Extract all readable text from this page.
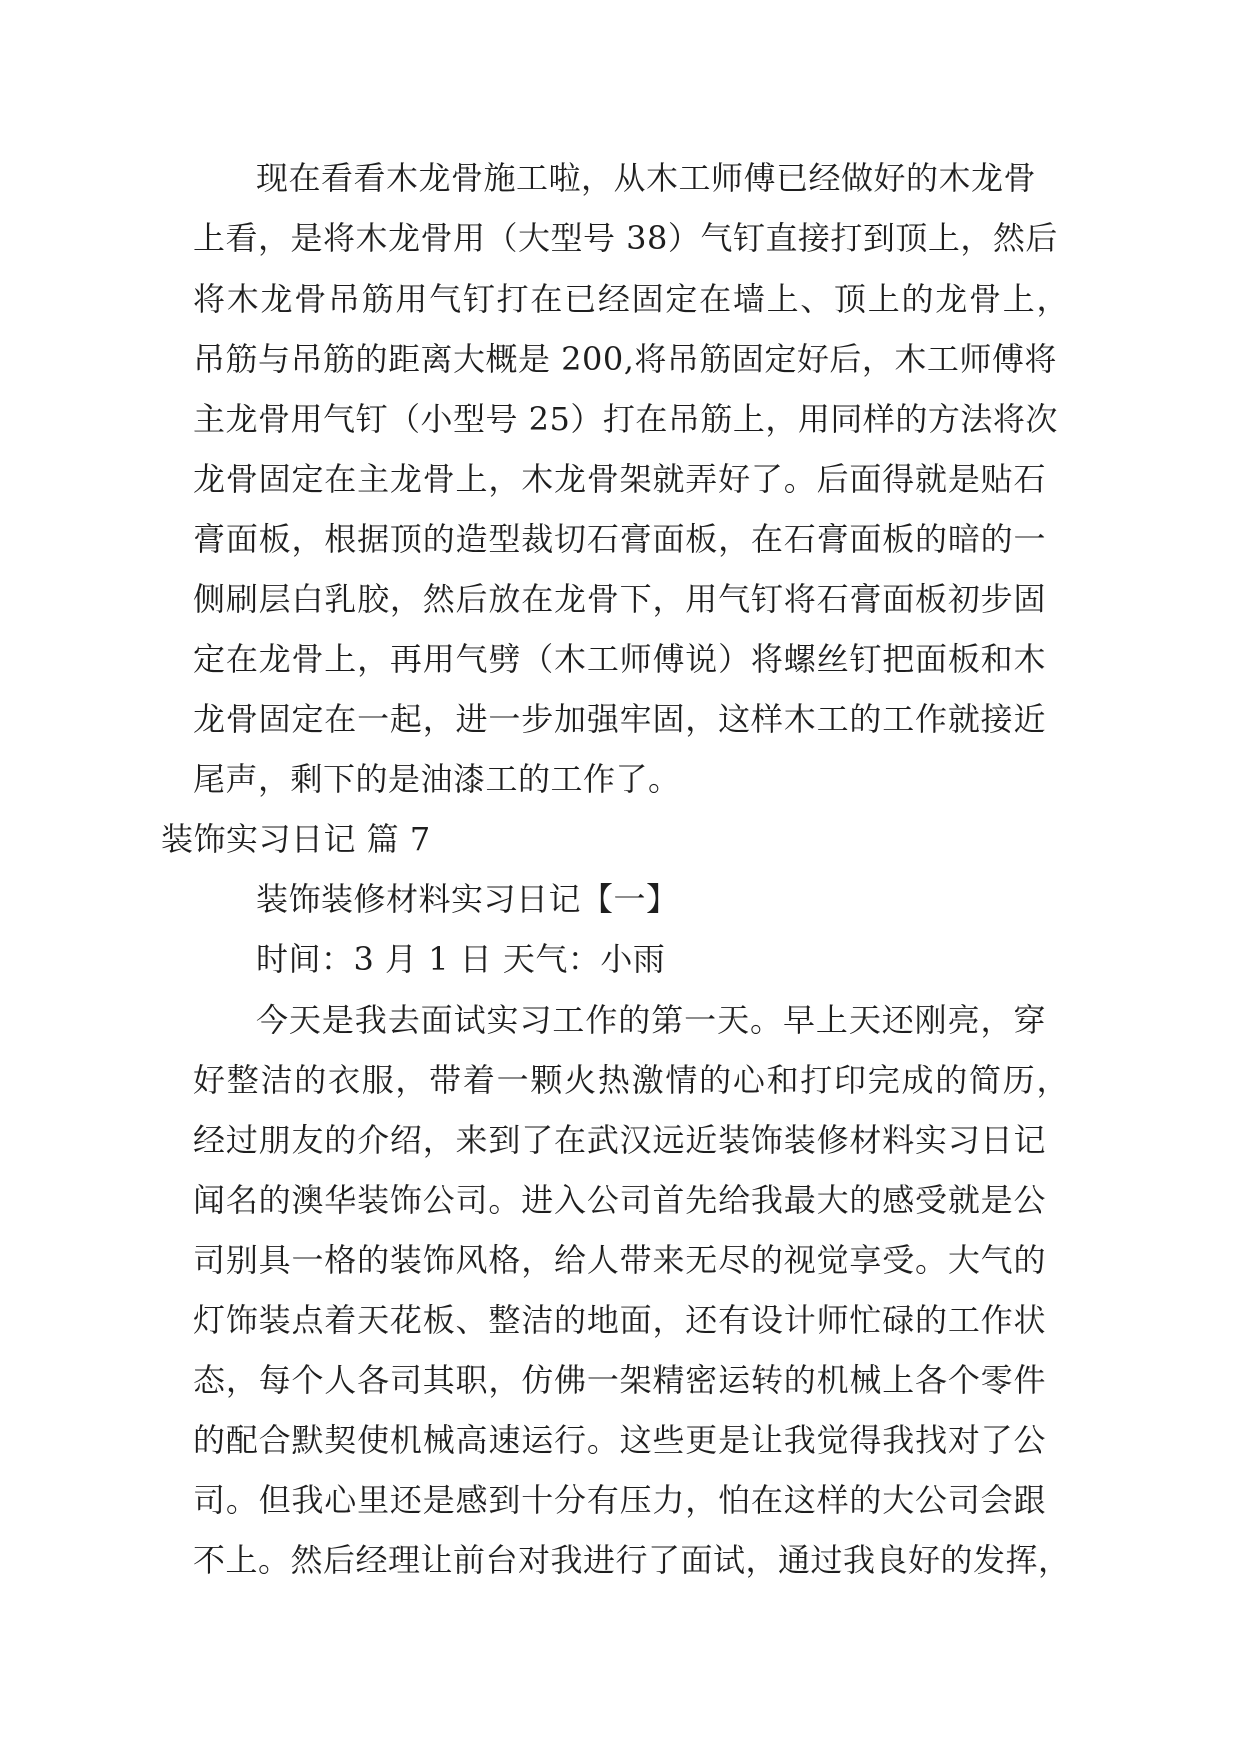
现在看看木龙骨施工啦，从木工师傅已经做好的木龙骨
上看，是将木龙骨用（大型号 38）气钉直接打到顶上，然后
将木龙骨吊筋用气钉打在已经固定在墙上、顶上的龙骨上，
吊筋与吊筋的距离大概是 200,将吊筋固定好后，木工师傅将
主龙骨用气钉（小型号 25）打在吊筋上，用同样的方法将次
龙骨固定在主龙骨上，木龙骨架就弄好了。后面得就是贴石
膏面板，根据顶的造型裁切石膏面板，在石膏面板的暗的一
侧刷层白乳胶，然后放在龙骨下，用气钉将石膏面板初步固
定在龙骨上，再用气劈（木工师傅说）将螺丝钉把面板和木
龙骨固定在一起，进一步加强牢固，这样木工的工作就接近
尾声，剩下的是油漆工的工作了。
装饰实习日记 篇 7
装饰装修材料实习日记【一】
时间：3 月 1 日 天气：小雨
今天是我去面试实习工作的第一天。早上天还刚亮，穿
好整洁的衣服，带着一颗火热激情的心和打印完成的简历，
经过朋友的介绍，来到了在武汉远近装饰装修材料实习日记
闻名的澳华装饰公司。进入公司首先给我最大的感受就是公
司别具一格的装饰风格，给人带来无尽的视觉享受。大气的
灯饰装点着天花板、整洁的地面，还有设计师忙碌的工作状
态，每个人各司其职，仿佛一架精密运转的机械上各个零件
的配合默契使机械高速运行。这些更是让我觉得我找对了公
司。但我心里还是感到十分有压力，怕在这样的大公司会跟
不上。然后经理让前台对我进行了面试，通过我良好的发挥，
